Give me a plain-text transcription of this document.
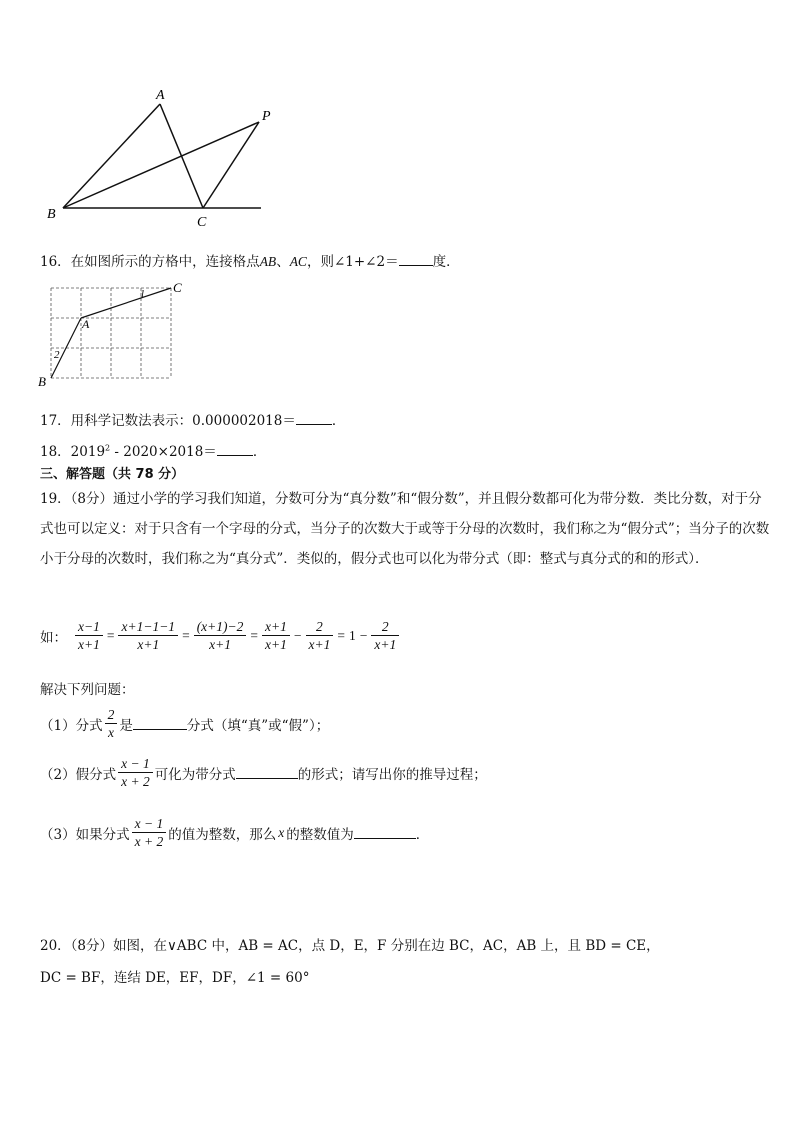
A
P
B
C
16．在如图所示的方格中，连接格点AB、AC，则∠1+∠2＝	度．
C
A
B
1
2
17．用科学记数法表示：0.000002018＝	．
18．2019$^2$ - 2020×2018＝	．
三、解答题（共 78 分）
19．（8分）通过小学的学习我们知道，分数可分为“真分数”和“假分数”，并且假分数都可化为带分数．类比分数，对于分式也可以定义：对于只含有一个字母的分式，当分子的次数大于或等于分母的次数时，我们称之为“假分式”；当分子的次数小于分母的次数时，我们称之为“真分式”．类似的，假分式也可以化为带分式（即：整式与真分式的和的形式）．
如： $\frac{x-1}{x+1} = \frac{x+1-1-1}{x+1} = \frac{(x+1)-2}{x+1} = \frac{x+1}{x+1} - \frac{2}{x+1} = 1 - \frac{2}{x+1}$
解决下列问题：
（1）分式 $\frac{2}{x}$ 是	分式（填“真”或“假”）；
（2）假分式 $\frac{x - 1}{x + 2}$ 可化为带分式	的形式；请写出你的推导过程；
（3）如果分式 $\frac{x - 1}{x + 2}$ 的值为整数，那么 x 的整数值为	．
20．（8分）如图，在∨ABC 中，AB = AC，点 D，E，F 分别在边 BC，AC，AB 上，且 BD = CE，
DC = BF，连结 DE，EF，DF，∠1 = 60°
